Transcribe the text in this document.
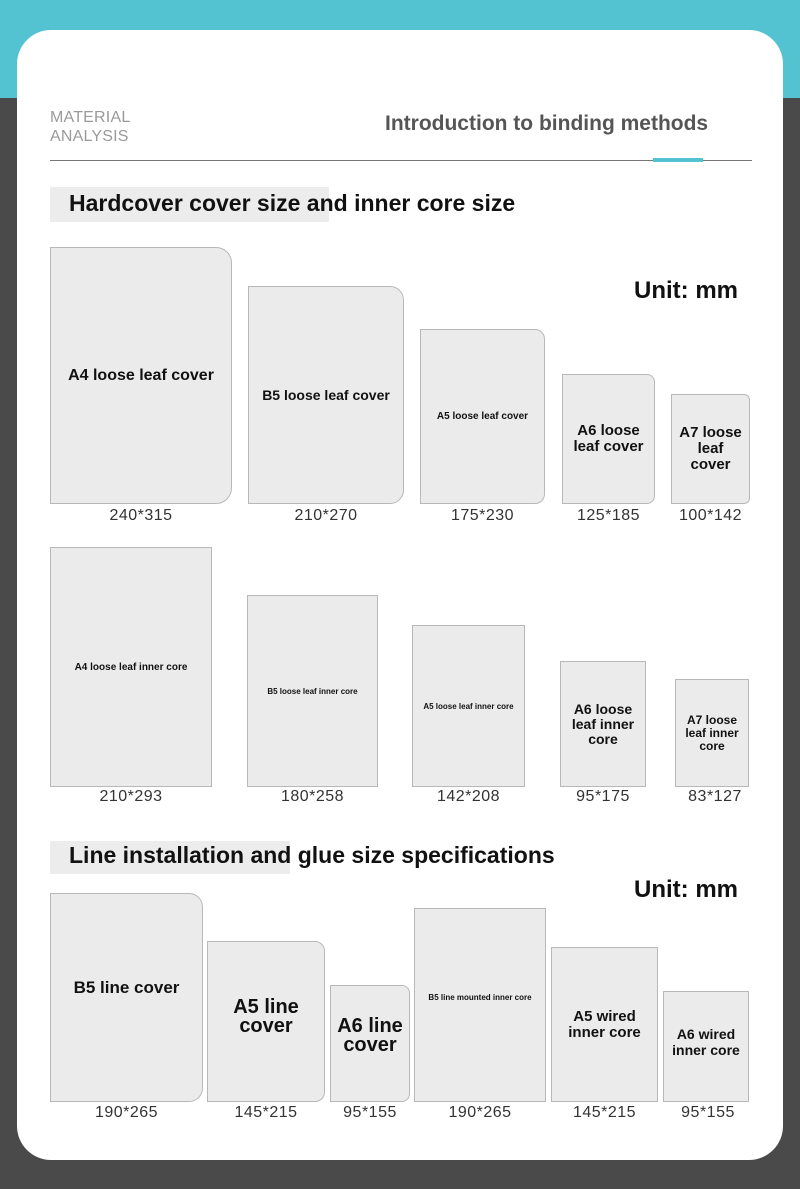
MATERIAL
ANALYSIS
Introduction to binding methods
Hardcover cover size and inner core size
Unit: mm
A4 loose leaf cover
240*315
B5 loose leaf cover
210*270
A5 loose leaf cover
175*230
A6 loose leaf cover
125*185
A7 loose leaf cover
100*142
A4 loose leaf inner core
210*293
B5 loose leaf inner core
180*258
A5 loose leaf inner core
142*208
A6 loose leaf inner core
95*175
A7 loose leaf inner core
83*127
Line installation and glue size specifications
Unit: mm
B5 line cover
190*265
A5 line cover
145*215
A6 line cover
95*155
B5 line mounted inner core
190*265
A5 wired inner core
145*215
A6 wired inner core
95*155
